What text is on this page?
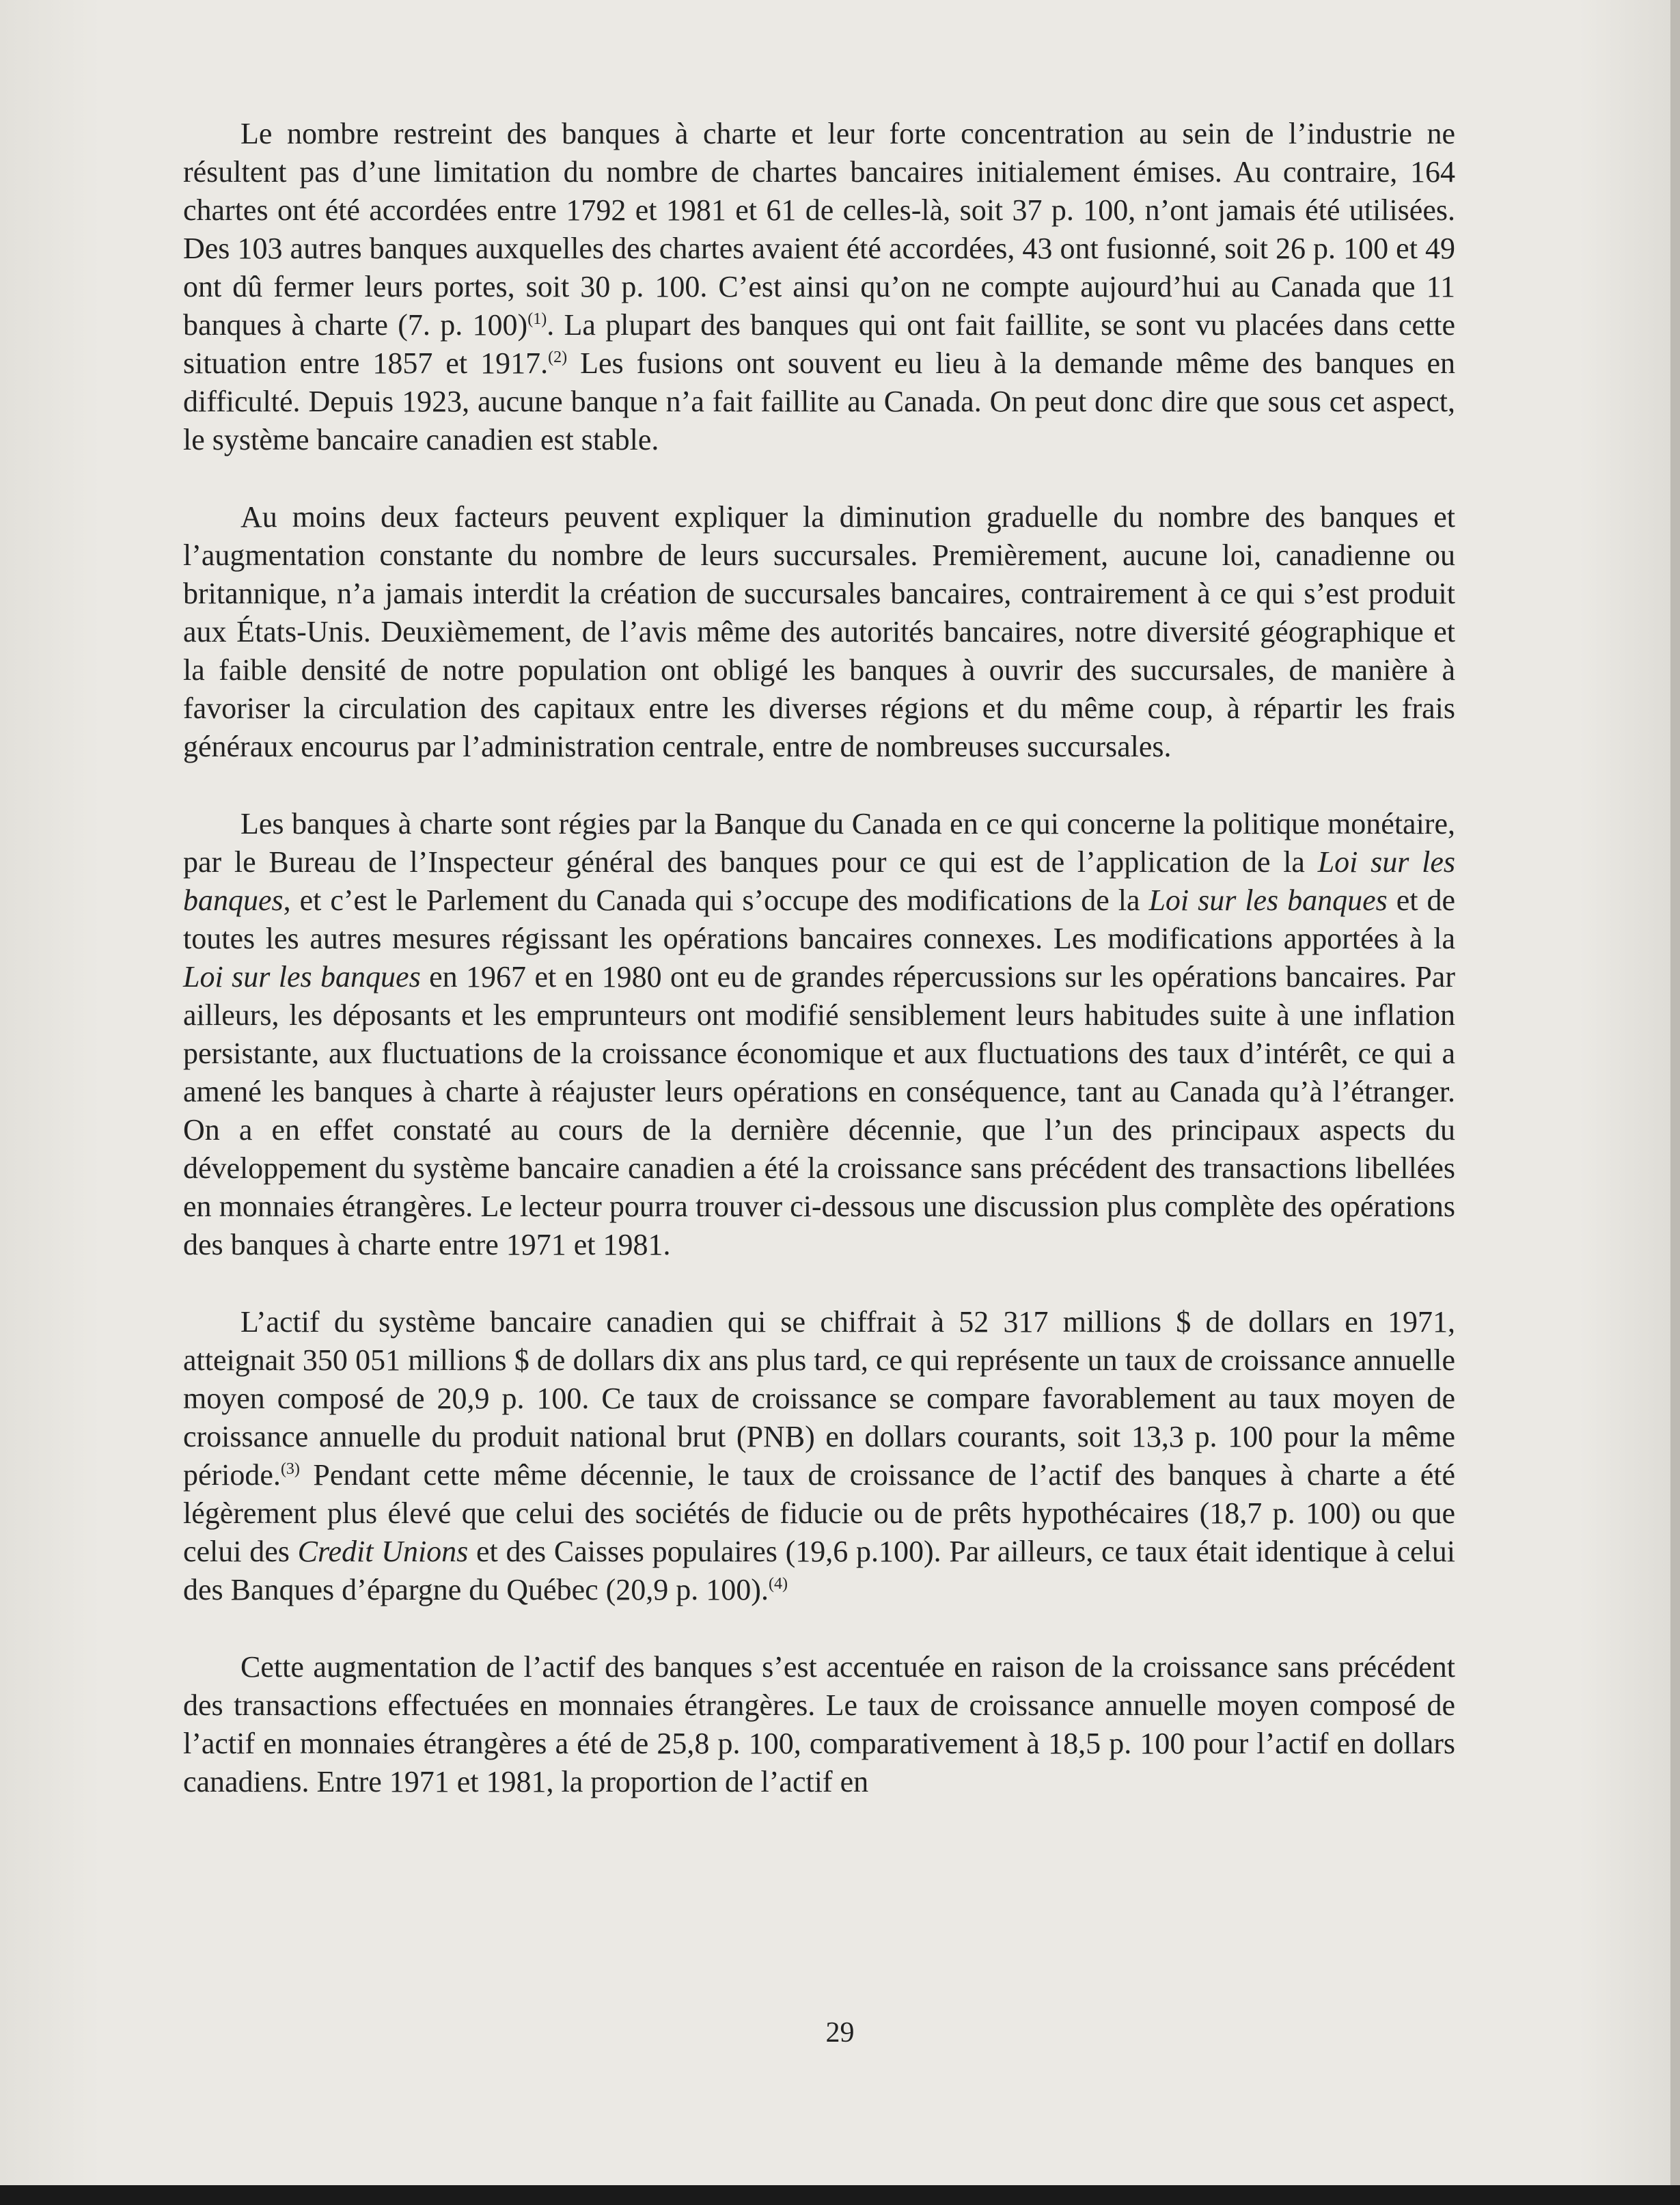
Le nombre restreint des banques à charte et leur forte concentration au sein de l’industrie ne résultent pas d’une limitation du nombre de chartes bancaires initialement émises. Au contraire, 164 chartes ont été accordées entre 1792 et 1981 et 61 de celles-là, soit 37 p. 100, n’ont jamais été utilisées. Des 103 autres banques auxquelles des chartes avaient été accordées, 43 ont fusionné, soit 26 p. 100 et 49 ont dû fermer leurs portes, soit 30 p. 100. C’est ainsi qu’on ne compte aujourd’hui au Canada que 11 banques à charte (7. p. 100)$^{(1)}$. La plupart des banques qui ont fait faillite, se sont vu placées dans cette situation entre 1857 et 1917.$^{(2)}$ Les fusions ont souvent eu lieu à la demande même des banques en difficulté. Depuis 1923, aucune banque n’a fait faillite au Canada. On peut donc dire que sous cet aspect, le système bancaire canadien est stable.

Au moins deux facteurs peuvent expliquer la diminution graduelle du nombre des banques et l’augmentation constante du nombre de leurs succursales. Premièrement, aucune loi, canadienne ou britannique, n’a jamais interdit la création de succursales bancaires, contrairement à ce qui s’est produit aux États-Unis. Deuxièmement, de l’avis même des autorités bancaires, notre diversité géographique et la faible densité de notre population ont obligé les banques à ouvrir des succursales, de manière à favoriser la circulation des capitaux entre les diverses régions et du même coup, à répartir les frais généraux encourus par l’administration centrale, entre de nombreuses succursales.

Les banques à charte sont régies par la Banque du Canada en ce qui concerne la politique monétaire, par le Bureau de l’Inspecteur général des banques pour ce qui est de l’application de la Loi sur les banques, et c’est le Parlement du Canada qui s’occupe des modifications de la Loi sur les banques et de toutes les autres mesures régissant les opérations bancaires connexes. Les modifications apportées à la Loi sur les banques en 1967 et en 1980 ont eu de grandes répercussions sur les opérations bancaires. Par ailleurs, les déposants et les emprunteurs ont modifié sensiblement leurs habitudes suite à une inflation persistante, aux fluctuations de la croissance économique et aux fluctuations des taux d’intérêt, ce qui a amené les banques à charte à réajuster leurs opérations en conséquence, tant au Canada qu’à l’étranger. On a en effet constaté au cours de la dernière décennie, que l’un des principaux aspects du développement du système bancaire canadien a été la croissance sans précédent des transactions libellées en monnaies étrangères. Le lecteur pourra trouver ci-dessous une discussion plus complète des opérations des banques à charte entre 1971 et 1981.

L’actif du système bancaire canadien qui se chiffrait à 52 317 millions $ de dollars en 1971, atteignait 350 051 millions $ de dollars dix ans plus tard, ce qui représente un taux de croissance annuelle moyen composé de 20,9 p. 100. Ce taux de croissance se compare favorablement au taux moyen de croissance annuelle du produit national brut (PNB) en dollars courants, soit 13,3 p. 100 pour la même période.$^{(3)}$ Pendant cette même décennie, le taux de croissance de l’actif des banques à charte a été légèrement plus élevé que celui des sociétés de fiducie ou de prêts hypothécaires (18,7 p. 100) ou que celui des Credit Unions et des Caisses populaires (19,6 p.100). Par ailleurs, ce taux était identique à celui des Banques d’épargne du Québec (20,9 p. 100).$^{(4)}$

Cette augmentation de l’actif des banques s’est accentuée en raison de la croissance sans précédent des transactions effectuées en monnaies étrangères. Le taux de croissance annuelle moyen composé de l’actif en monnaies étrangères a été de 25,8 p. 100, comparativement à 18,5 p. 100 pour l’actif en dollars canadiens. Entre 1971 et 1981, la proportion de l’actif en

29
